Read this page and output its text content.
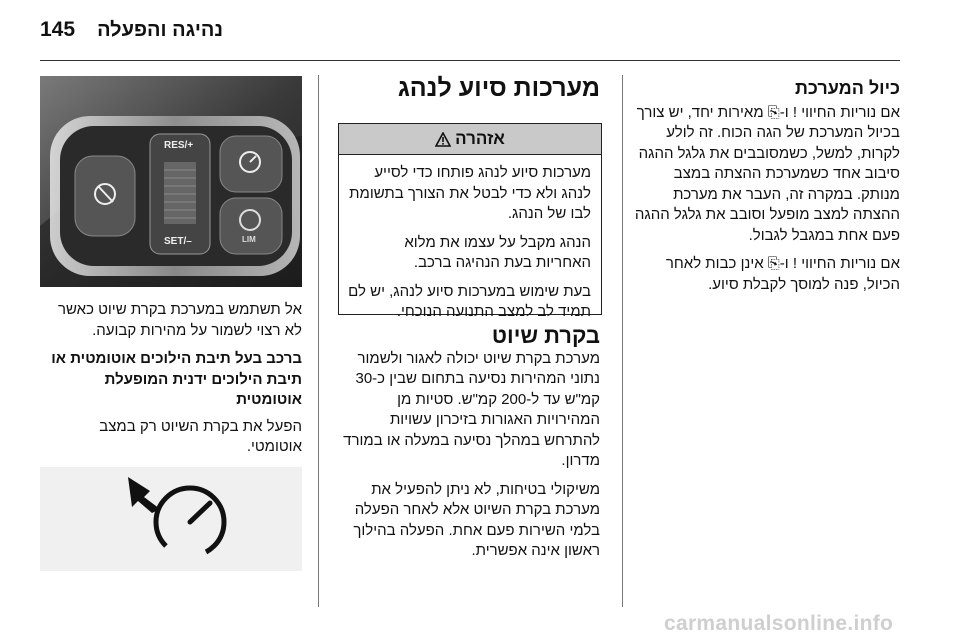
145 נהיגה והפעלה
כיול המערכת

אם נוריות החיווי ! ו-⎘ מאירות יחד, יש צורך בכיול המערכת של הגה הכוח. זה לולע לקרות, למשל, כשמסובבים את גלגל ההגה סיבוב אחד כשמערכת ההצתה במצב מנותק. במקרה זה, העבר את מערכת ההצתה למצב מופעל וסובב את גלגל ההגה פעם אחת במגבל לגבול.

אם נוריות החיווי ! ו-⎘ אינן כבות לאחר הכיול, פנה למוסך לקבלת סיוע.

מערכות סיוע לנהג
אזהרה

מערכות סיוע לנהג פותחו כדי לסייע לנהג ולא כדי לבטל את הצורך בתשומת לבו של הנהג.

הנהג מקבל על עצמו את מלוא האחריות בעת הנהיגה ברכב.

בעת שימוש במערכות סיוע לנהג, יש לם תמיד לב למצב התנועה הנוכחי.

בקרת שיוט

מערכת בקרת שיוט יכולה לאגור ולשמור נתוני המהירות נסיעה בתחום שבין כ-30 קמ"ש עד ל-200 קמ"ש. סטיות מן המהירויות האגורות בזיכרון עשויות להתרחש במהלך נסיעה במעלה או במורד מדרון.

משיקולי בטיחות, לא ניתן להפעיל את מערכת בקרת השיוט אלא לאחר הפעלה בלמי השירות פעם אחת. הפעלה בהילוך ראשון אינה אפשרית.

RES/+
SET/–	LIM

אל תשתמש במערכת בקרת שיוט כאשר לא רצוי לשמור על מהירות קבועה.

ברכב בעל תיבת הילוכים אוטומטית או תיבת הילוכים ידנית המופעלת אוטומטית

הפעל את בקרת השיוט רק במצב אוטומטי.

carmanualsonline.info
